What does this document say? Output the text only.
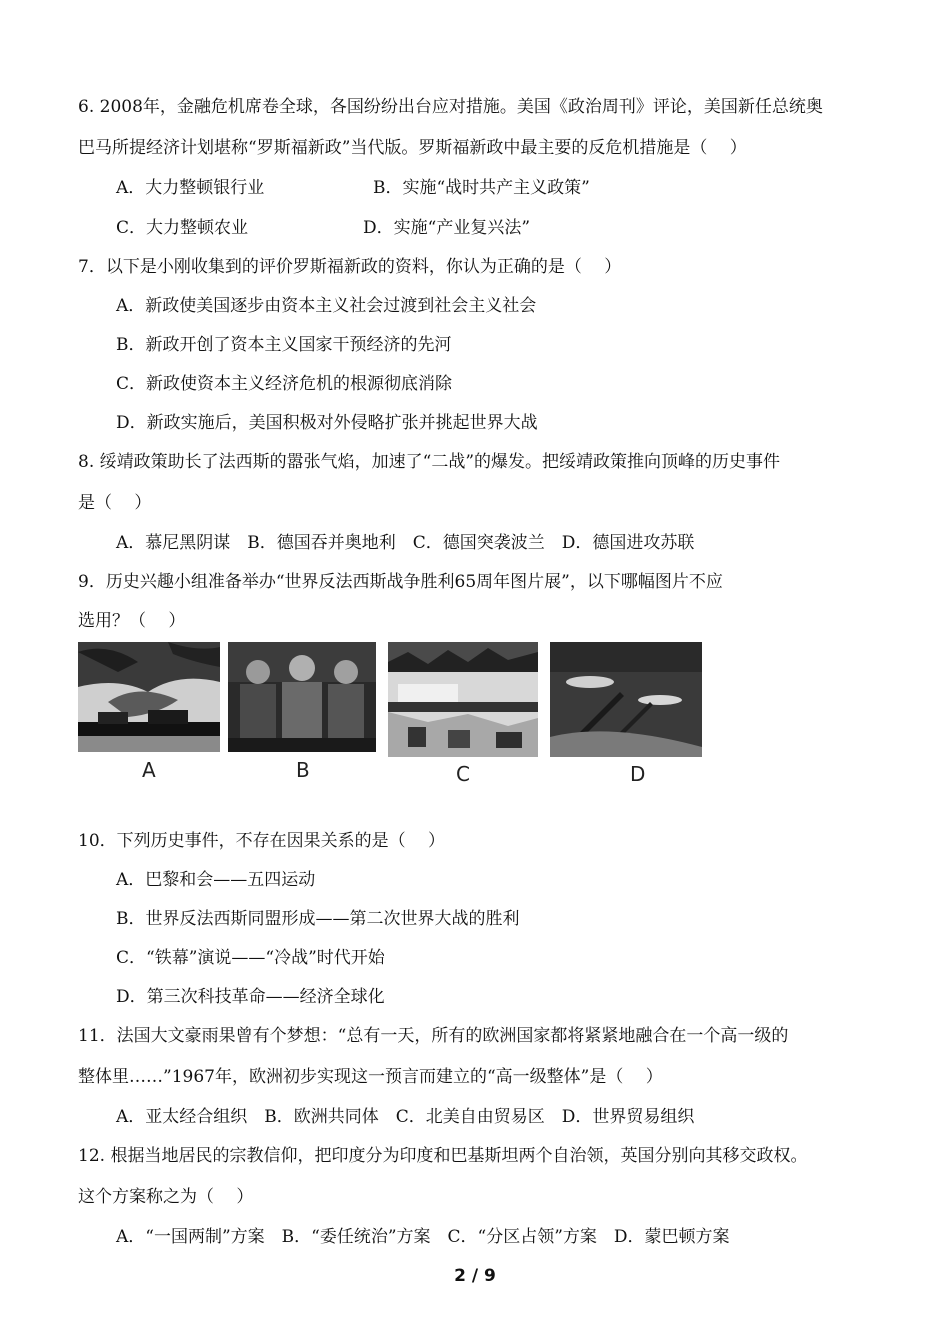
6. 2008年，金融危机席卷全球，各国纷纷出台应对措施。美国《政治周刊》评论，美国新任总统奥
巴马所提经济计划堪称“罗斯福新政”当代版。罗斯福新政中最主要的反危机措施是（　 ）
A．大力整顿银行业	B．实施“战时共产主义政策”
C．大力整顿农业	D．实施“产业复兴法”
7．以下是小刚收集到的评价罗斯福新政的资料，你认为正确的是（　 ）
A．新政使美国逐步由资本主义社会过渡到社会主义社会
B．新政开创了资本主义国家干预经济的先河
C．新政使资本主义经济危机的根源彻底消除
D．新政实施后，美国积极对外侵略扩张并挑起世界大战
8. 绥靖政策助长了法西斯的嚣张气焰，加速了“二战”的爆发。把绥靖政策推向顶峰的历史事件
是（　 ）
A．慕尼黑阴谋　B．德国吞并奥地利　C．德国突袭波兰　D．德国进攻苏联
9．历史兴趣小组准备举办“世界反法西斯战争胜利65周年图片展”，以下哪幅图片不应
选用？（　 ）
A	B	C	D
10．下列历史事件，不存在因果关系的是（　 ）
A．巴黎和会——五四运动
B．世界反法西斯同盟形成——第二次世界大战的胜利
C．“铁幕”演说——“冷战”时代开始
D．第三次科技革命——经济全球化
11．法国大文豪雨果曾有个梦想：“总有一天，所有的欧洲国家都将紧紧地融合在一个高一级的
整体里……”1967年，欧洲初步实现这一预言而建立的“高一级整体”是（　 ）
A．亚太经合组织　B．欧洲共同体　C．北美自由贸易区　D．世界贸易组织
12. 根据当地居民的宗教信仰，把印度分为印度和巴基斯坦两个自治领，英国分别向其移交政权。
这个方案称之为（　 ）
A．“一国两制”方案　B．“委任统治”方案　C．“分区占领”方案　D．蒙巴顿方案
2 / 9
